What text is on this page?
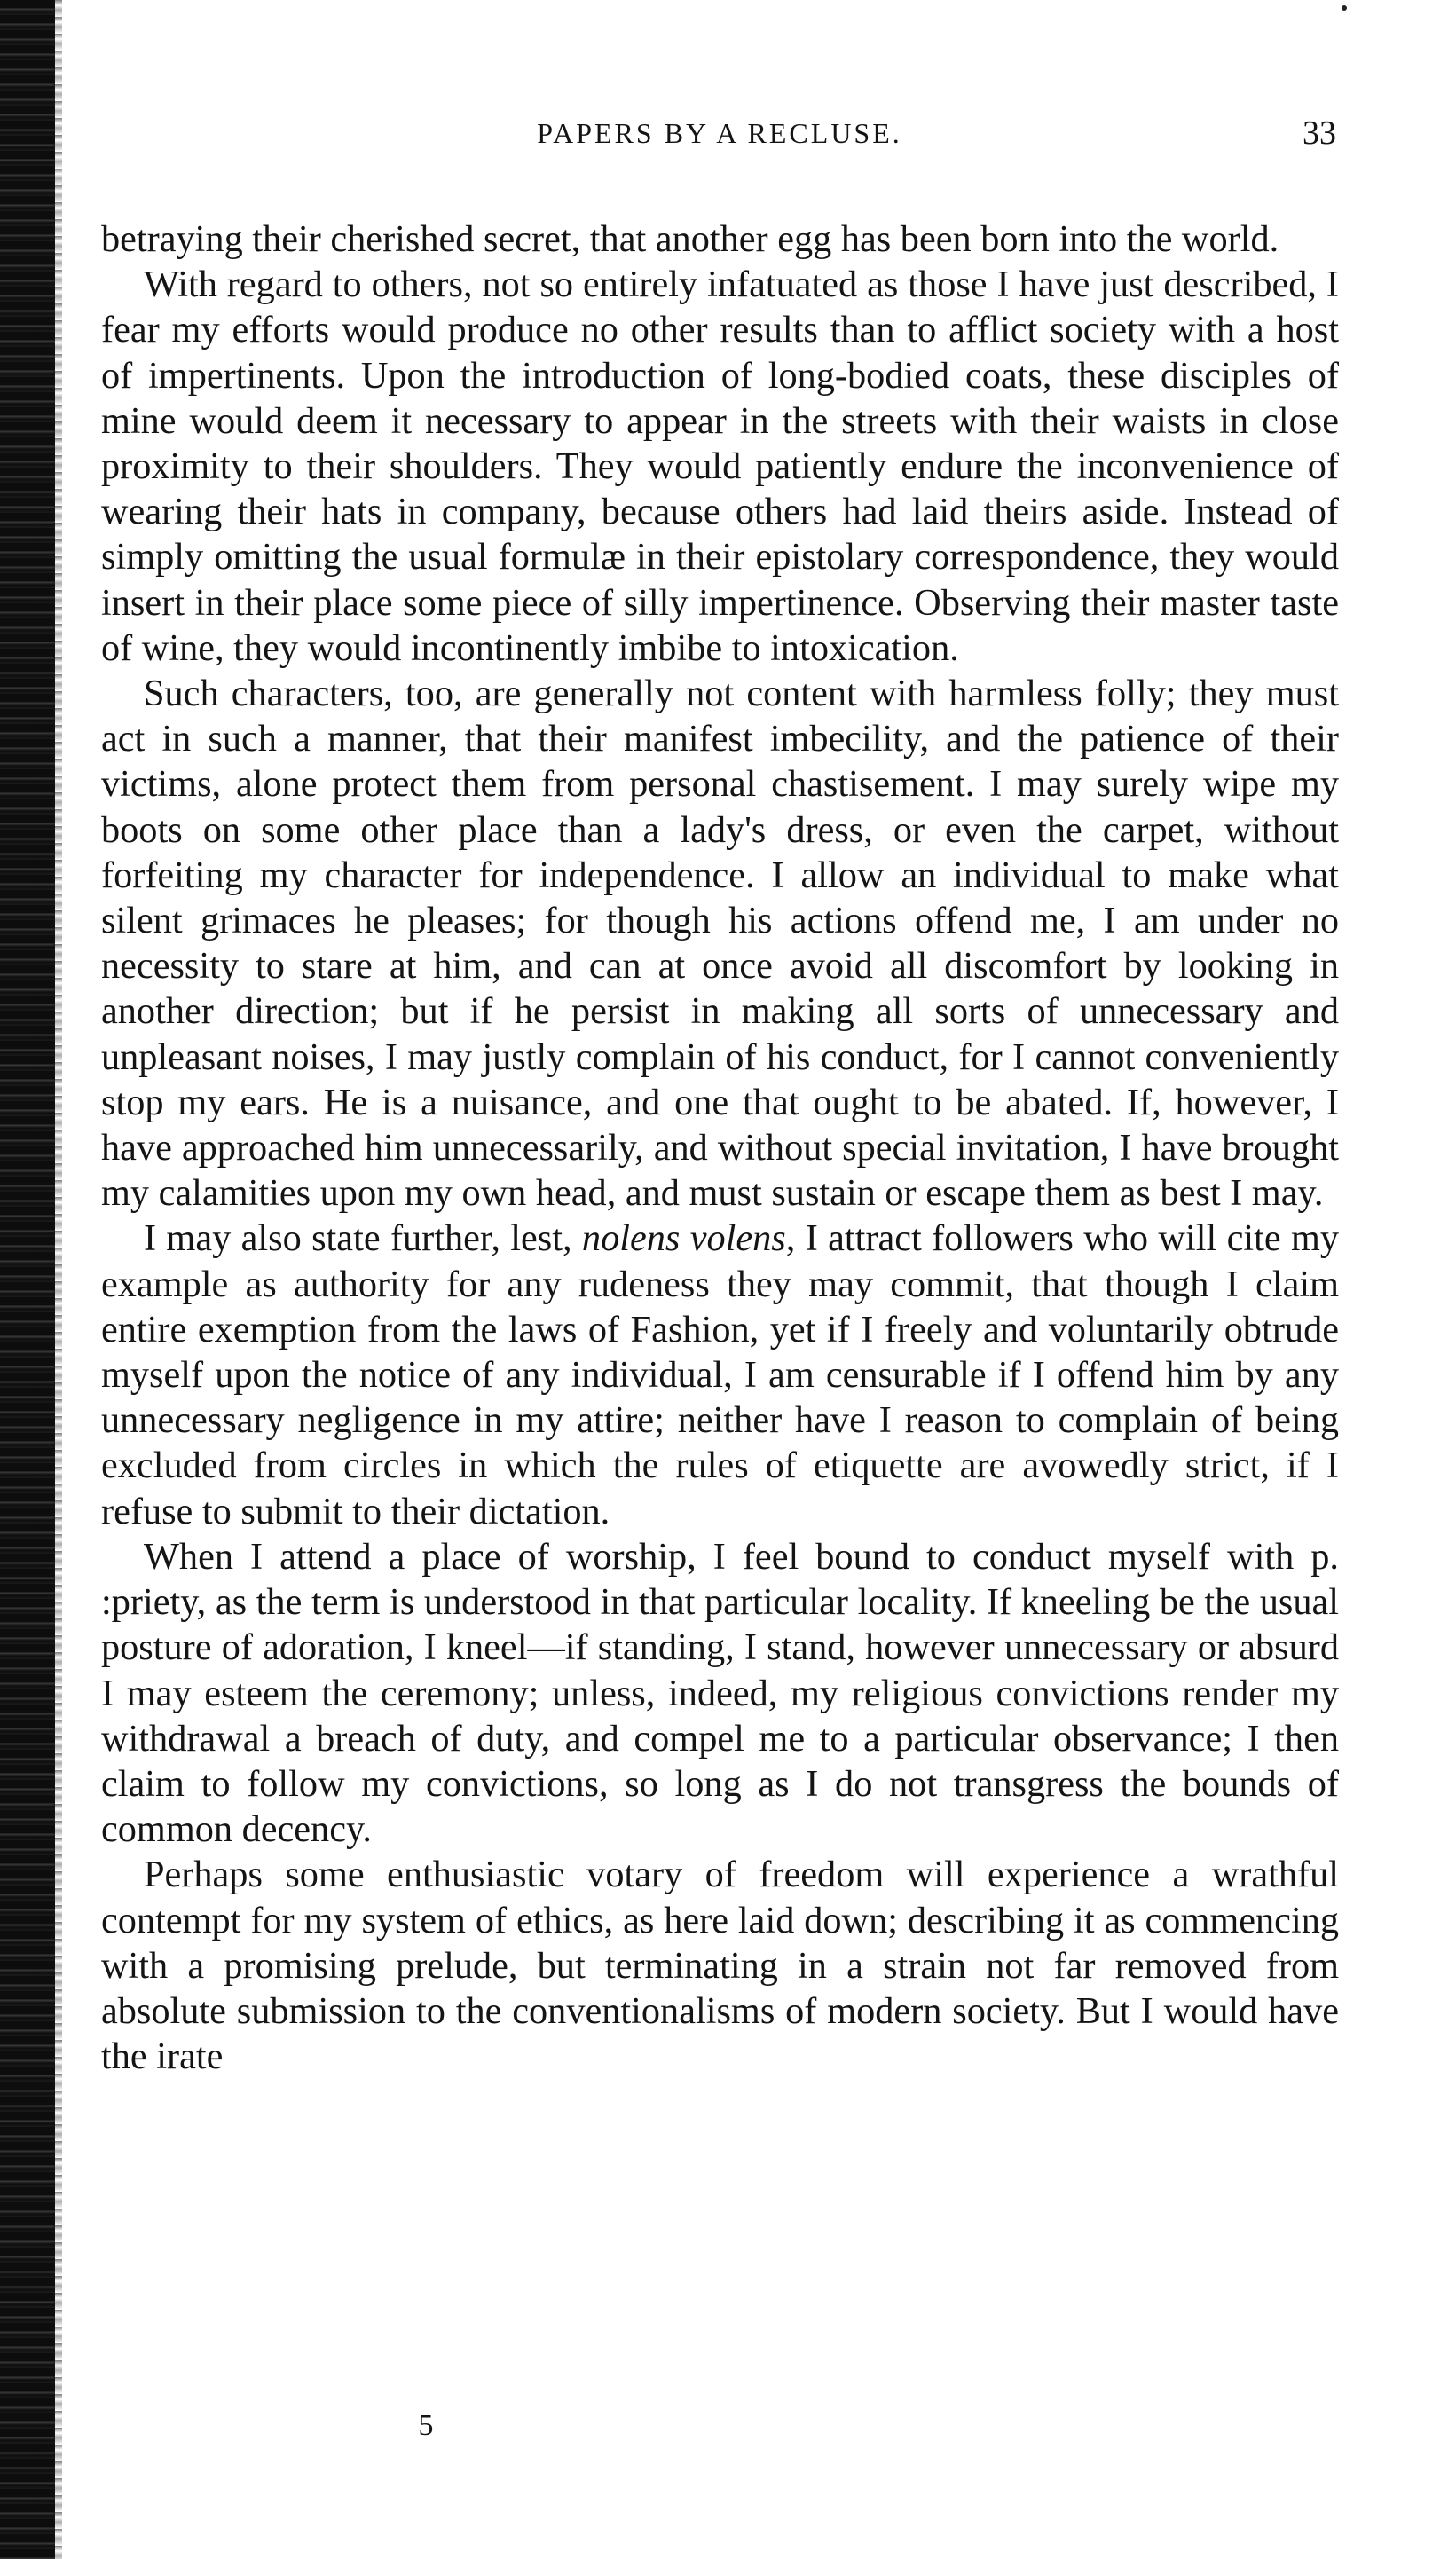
PAPERS BY A RECLUSE.	33

betraying their cherished secret, that another egg has been born into the world.

With regard to others, not so entirely infatuated as those I have just described, I fear my efforts would produce no other results than to afflict society with a host of impertinents. Upon the introduction of long-bodied coats, these disciples of mine would deem it necessary to appear in the streets with their waists in close proximity to their shoulders. They would patiently endure the inconvenience of wearing their hats in company, because others had laid theirs aside. Instead of simply omitting the usual formulæ in their epistolary correspondence, they would insert in their place some piece of silly impertinence. Observing their master taste of wine, they would incontinently imbibe to intoxication.

Such characters, too, are generally not content with harmless folly; they must act in such a manner, that their manifest imbecility, and the patience of their victims, alone protect them from personal chastisement. I may surely wipe my boots on some other place than a lady's dress, or even the carpet, without forfeiting my character for independence. I allow an individual to make what silent grimaces he pleases; for though his actions offend me, I am under no necessity to stare at him, and can at once avoid all discomfort by looking in another direction; but if he persist in making all sorts of unnecessary and unpleasant noises, I may justly complain of his conduct, for I cannot conveniently stop my ears. He is a nuisance, and one that ought to be abated. If, however, I have approached him unnecessarily, and without special invitation, I have brought my calamities upon my own head, and must sustain or escape them as best I may.

I may also state further, lest, nolens volens, I attract followers who will cite my example as authority for any rudeness they may commit, that though I claim entire exemption from the laws of Fashion, yet if I freely and voluntarily obtrude myself upon the notice of any individual, I am censurable if I offend him by any unnecessary negligence in my attire; neither have I reason to complain of being excluded from circles in which the rules of etiquette are avowedly strict, if I refuse to submit to their dictation.

When I attend a place of worship, I feel bound to conduct myself with p. :priety, as the term is understood in that particular locality. If kneeling be the usual posture of adoration, I kneel—if standing, I stand, however unnecessary or absurd I may esteem the ceremony; unless, indeed, my religious convictions render my withdrawal a breach of duty, and compel me to a particular observance; I then claim to follow my convictions, so long as I do not transgress the bounds of common decency.

Perhaps some enthusiastic votary of freedom will experience a wrathful contempt for my system of ethics, as here laid down; describing it as commencing with a promising prelude, but terminating in a strain not far removed from absolute submission to the conventionalisms of modern society. But I would have the irate

5
